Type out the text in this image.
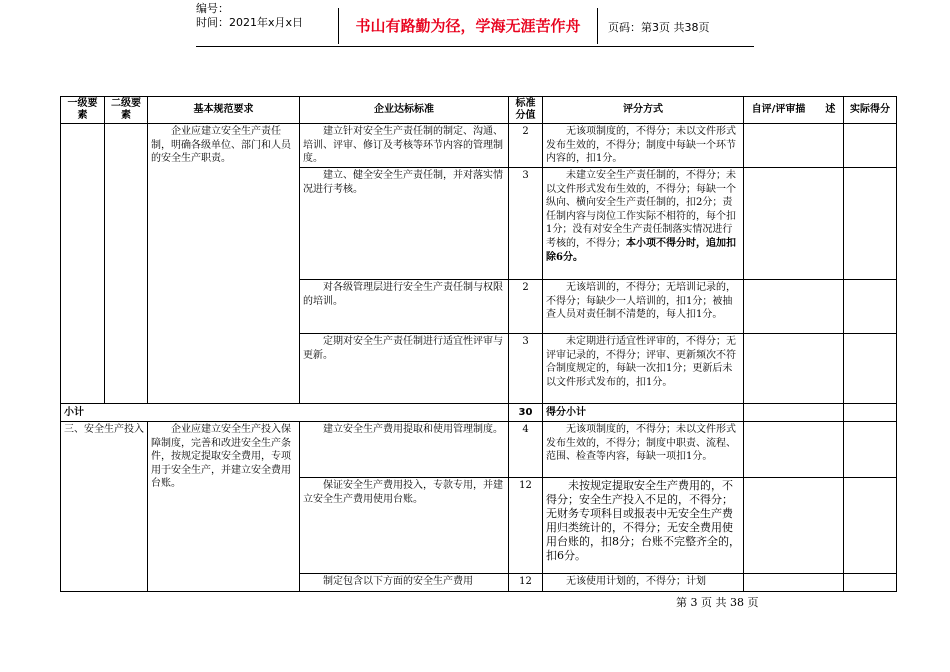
编号：
时间：2021年x月x日	书山有路勤为径，学海无涯苦作舟	页码：第3页 共38页
一级要素	二级要素	基本规范要求	企业达标标准	标准分值	评分方式	自评/评审描　　述	实际得分
		企业应建立安全生产责任制，明确各级单位、部门和人员的安全生产职责。	建立针对安全生产责任制的制定、沟通、培训、评审、修订及考核等环节内容的管理制度。	2	无该项制度的，不得分；未以文件形式发布生效的，不得分；制度中每缺一个环节内容的，扣1分。		
			建立、健全安全生产责任制，并对落实情况进行考核。	3	未建立安全生产责任制的，不得分；未以文件形式发布生效的，不得分；每缺一个纵向、横向安全生产责任制的，扣2分；责任制内容与岗位工作实际不相符的，每个扣1分；没有对安全生产责任制落实情况进行考核的，不得分；本小项不得分时，追加扣除6分。		
			对各级管理层进行安全生产责任制与权限的培训。	2	无该培训的，不得分；无培训记录的，不得分；每缺少一人培训的，扣1分；被抽查人员对责任制不清楚的，每人扣1分。		
			定期对安全生产责任制进行适宜性评审与更新。	3	未定期进行适宜性评审的，不得分；无评审记录的，不得分；评审、更新频次不符合制度规定的，每缺一次扣1分；更新后未以文件形式发布的，扣1分。		
小计				30	得分小计		
三、安全生产投入		企业应建立安全生产投入保障制度，完善和改进安全生产条件，按规定提取安全费用，专项用于安全生产，并建立安全费用台账。	建立安全生产费用提取和使用管理制度。	4	无该项制度的，不得分；未以文件形式发布生效的，不得分；制度中职责、流程、范围、检查等内容，每缺一项扣1分。		
			保证安全生产费用投入，专款专用，并建立安全生产费用使用台账。	12	未按规定提取安全生产费用的，不得分；安全生产投入不足的，不得分；无财务专项科目或报表中无安全生产费用归类统计的，不得分；无安全费用使用台账的，扣8分；台账不完整齐全的，扣6分。		
			制定包含以下方面的安全生产费用	12	无该使用计划的，不得分；计划		
第 3 页 共 38 页
